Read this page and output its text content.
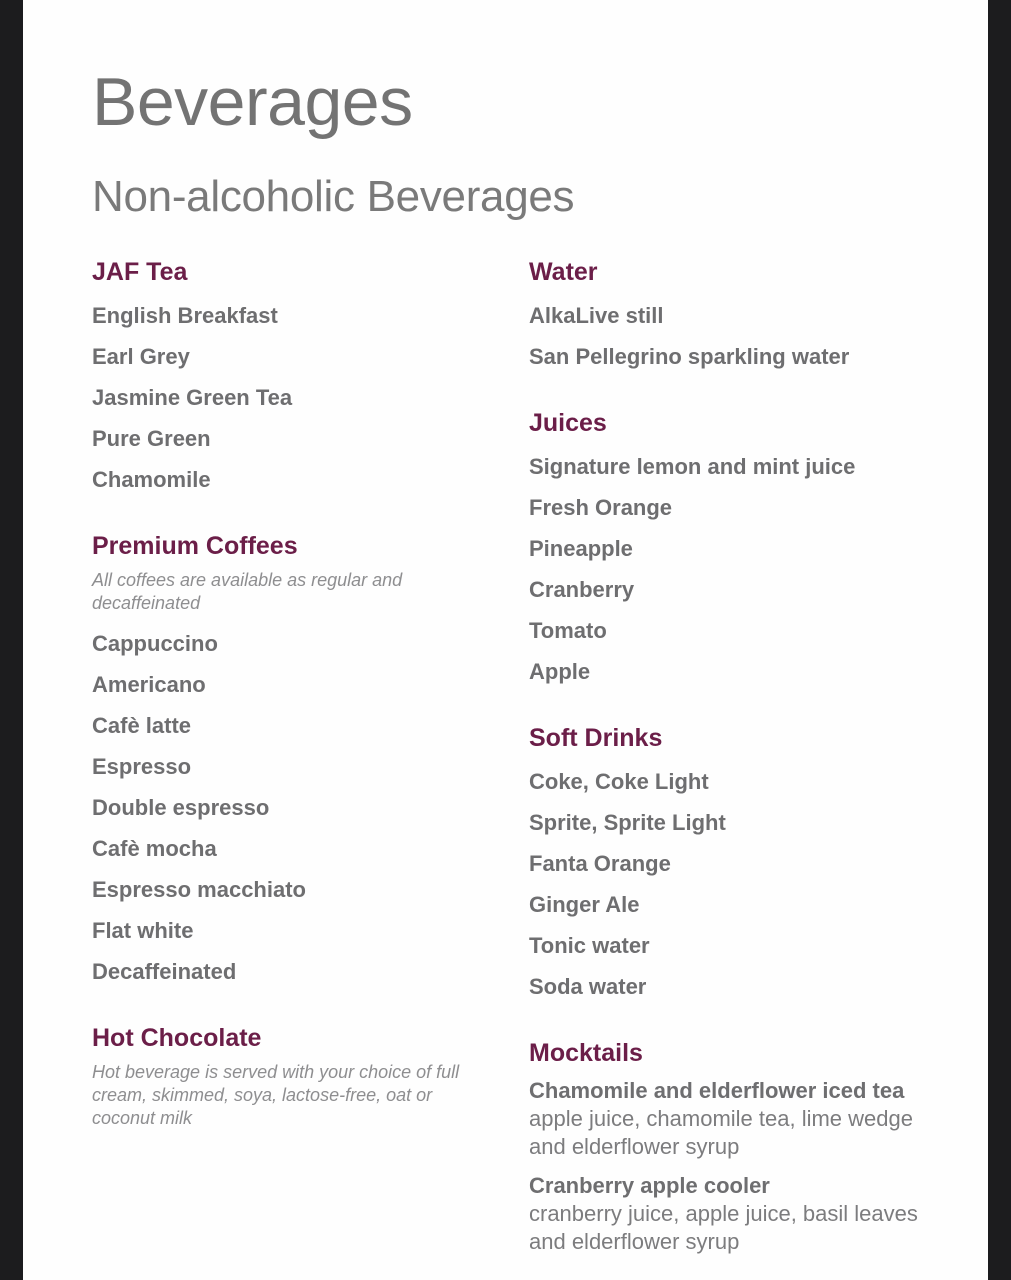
Beverages
Non-alcoholic Beverages
JAF Tea
English Breakfast
Earl Grey
Jasmine Green Tea
Pure Green
Chamomile
Premium Coffees
All coffees are available as regular and decaffeinated
Cappuccino
Americano
Cafè latte
Espresso
Double espresso
Cafè mocha
Espresso macchiato
Flat white
Decaffeinated
Hot Chocolate
Hot beverage is served with your choice of full cream, skimmed, soya, lactose-free, oat or coconut milk
Water
AlkaLive still
San Pellegrino sparkling water
Juices
Signature lemon and mint juice
Fresh Orange
Pineapple
Cranberry
Tomato
Apple
Soft Drinks
Coke, Coke Light
Sprite, Sprite Light
Fanta Orange
Ginger Ale
Tonic water
Soda water
Mocktails
Chamomile and elderflower iced tea
apple juice, chamomile tea, lime wedge and elderflower syrup
Cranberry apple cooler
cranberry juice, apple juice, basil leaves and elderflower syrup
